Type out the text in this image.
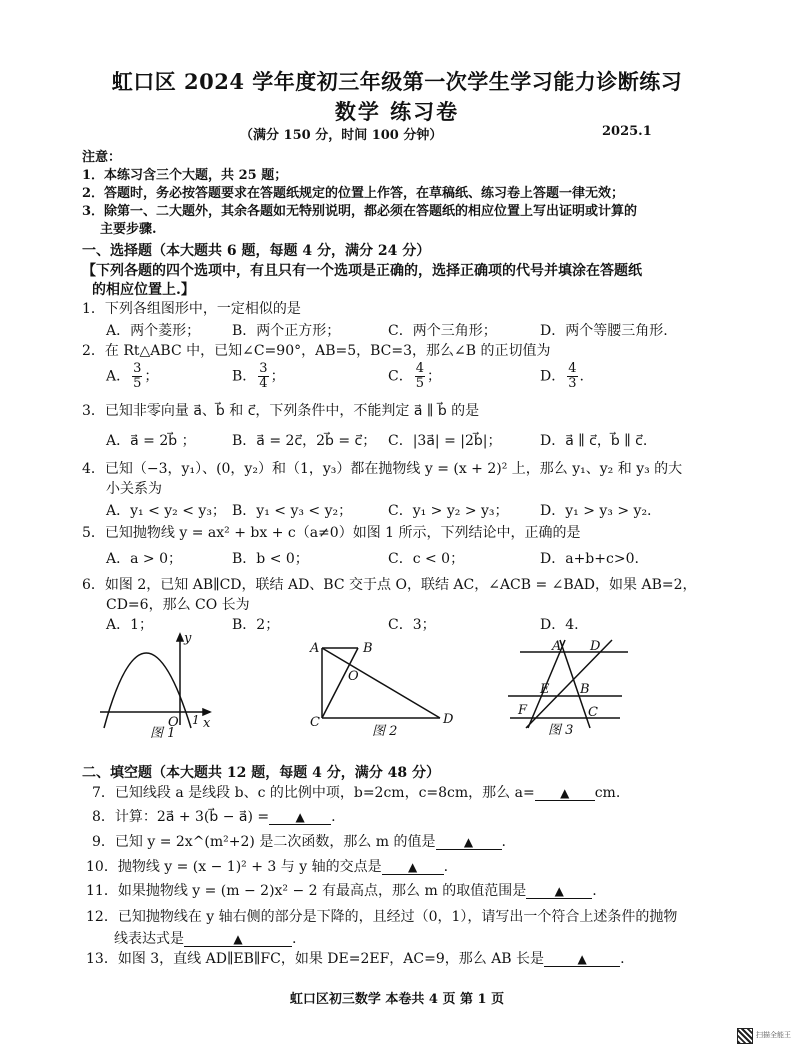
虹口区 2024 学年度初三年级第一次学生学习能力诊断练习
数学 练习卷
（满分 150 分，时间 100 分钟）	2025.1
注意：
1．本练习含三个大题，共 25 题；
2．答题时，务必按答题要求在答题纸规定的位置上作答，在草稿纸、练习卷上答题一律无效；
3．除第一、二大题外，其余各题如无特别说明，都必须在答题纸的相应位置上写出证明或计算的
主要步骤.
一、选择题（本大题共 6 题，每题 4 分，满分 24 分）
【下列各题的四个选项中，有且只有一个选项是正确的，选择正确项的代号并填涂在答题纸
的相应位置上.】
1．下列各组图形中，一定相似的是
A．两个菱形； B．两个正方形；	C．两个三角形；	D．两个等腰三角形.
2．在 Rt△ABC 中，已知∠C=90°，AB=5，BC=3，那么∠B 的正切值为
A． $\frac{3}{5}$ ；	B． $\frac{3}{4}$ ；	C． $\frac{4}{5}$ ；	D． $\frac{4}{3}$ .
3．已知非零向量 a⃗、b⃗ 和 c⃗，下列条件中，不能判定 a⃗ ∥ b⃗ 的是
A．a⃗ = 2b⃗ ；	B．a⃗ = 2c⃗，2b⃗ = c⃗； C．|3a⃗| = |2b⃗|；	D．a⃗ ∥ c⃗，b⃗ ∥ c⃗.
4．已知（−3，y₁）、(0，y₂）和（1，y₃）都在抛物线 y = (x + 2)² 上，那么 y₁、y₂ 和 y₃ 的大
小关系为
A．y₁ < y₂ < y₃； B．y₁ < y₃ < y₂；	C．y₁ > y₂ > y₃； D．y₁ > y₃ > y₂.
5．已知抛物线 y = ax² + bx + c（a≠0）如图 1 所示，下列结论中，正确的是
A．a > 0；	B．b < 0；	C．c < 0；	D．a+b+c>0.
6．如图 2，已知 AB∥CD，联结 AD、BC 交于点 O，联结 AC，∠ACB = ∠BAD，如果 AB=2，
CD=6，那么 CO 长为
A．1；	B．2；	C．3；	D．4.
y
x
O 1
图 1
A	B
O
C	D
图 2
A D
E B
F	C
图 3
二、填空题（本大题共 12 题，每题 4 分，满分 48 分）
7．已知线段 a 是线段 b、c 的比例中项，b=2cm，c=8cm，那么 a= ▲ cm.
8．计算：2a⃗ + 3(b⃗ − a⃗) = ▲ .
9．已知 y = 2x^(m²+2) 是二次函数，那么 m 的值是 ▲ .
10．抛物线 y = (x − 1)² + 3 与 y 轴的交点是 ▲ .
11．如果抛物线 y = (m − 2)x² − 2 有最高点，那么 m 的取值范围是 ▲ .
12．已知抛物线在 y 轴右侧的部分是下降的，且经过（0，1），请写出一个符合上述条件的抛物
线表达式是	▲	.
13．如图 3，直线 AD∥EB∥FC，如果 DE=2EF，AC=9，那么 AB 长是	▲ .
虹口区初三数学 本卷共 4 页 第 1 页
扫描全能王
